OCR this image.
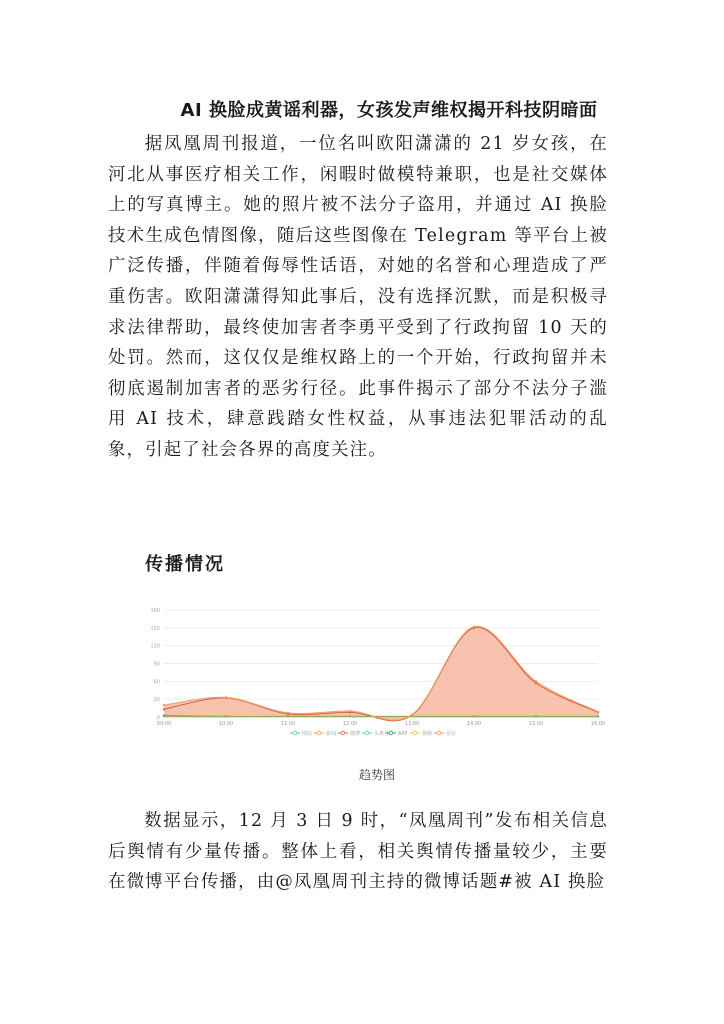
AI 换脸成黄谣利器，女孩发声维权揭开科技阴暗面

据凤凰周刊报道，一位名叫欧阳潇潇的 21 岁女孩，在河北从事医疗相关工作，闲暇时做模特兼职，也是社交媒体上的写真博主。她的照片被不法分子盗用，并通过 AI 换脸技术生成色情图像，随后这些图像在 Telegram 等平台上被广泛传播，伴随着侮辱性话语，对她的名誉和心理造成了严重伤害。欧阳潇潇得知此事后，没有选择沉默，而是积极寻求法律帮助，最终使加害者李勇平受到了行政拘留 10 天的处罚。然而，这仅仅是维权路上的一个开始，行政拘留并未彻底遏制加害者的恶劣行径。此事件揭示了部分不法分子滥用 AI 技术，肆意践踏女性权益，从事违法犯罪活动的乱象，引起了社会各界的高度关注。

传播情况
0
30
60
90
120
150
180
09:00	10:00	11:00	12:00	13:00	14:00	15:00	16:00
网站	新闻	微博	头条号 APP	视频	论坛
趋势图

数据显示，12 月 3 日 9 时，“凤凰周刊”发布相关信息后舆情有少量传播。整体上看，相关舆情传播量较少，主要在微博平台传播，由@凤凰周刊主持的微博话题#被 AI 换脸
